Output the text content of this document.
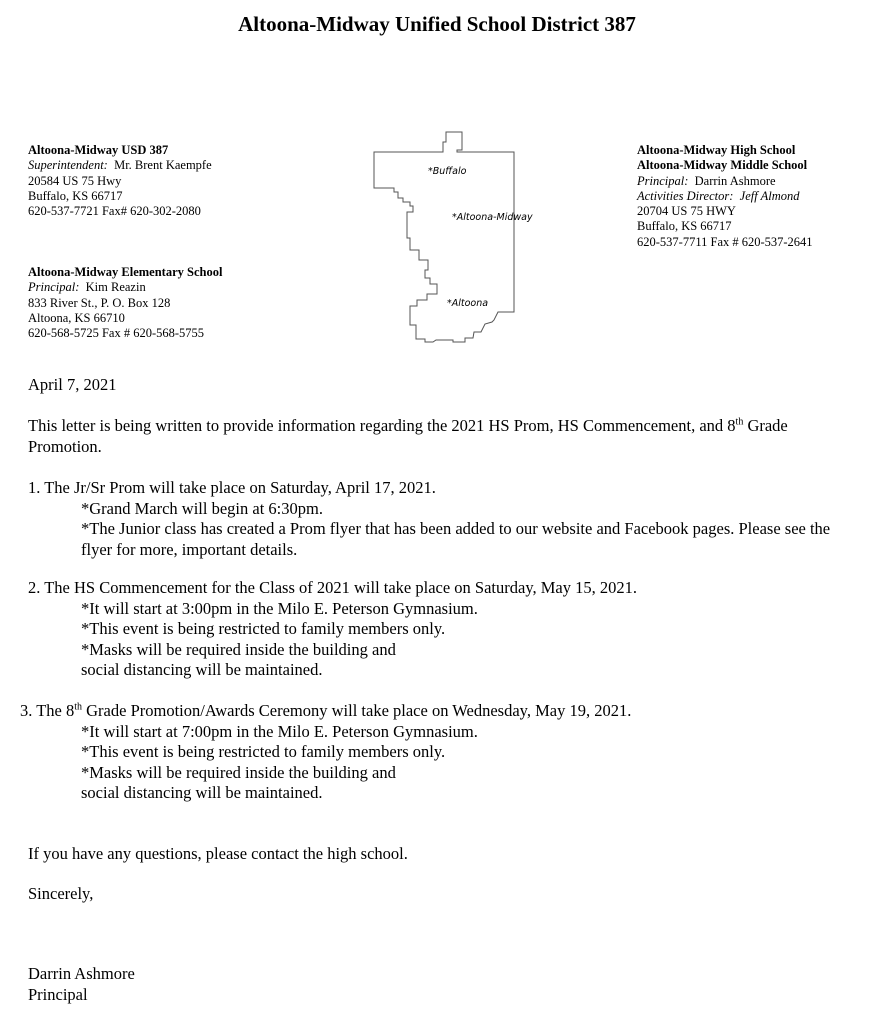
Altoona-Midway Unified School District 387
Altoona-Midway USD 387
Superintendent: Mr. Brent Kaempfe
20584 US 75 Hwy
Buffalo, KS 66717
620-537-7721 Fax# 620-302-2080
Altoona-Midway Elementary School
Principal: Kim Reazin
833 River St., P. O. Box 128
Altoona, KS 66710
620-568-5725 Fax # 620-568-5755
Altoona-Midway High School
Altoona-Midway Middle School
Principal: Darrin Ashmore
Activities Director: Jeff Almond
20704 US 75 HWY
Buffalo, KS 66717
620-537-7711 Fax # 620-537-2641
*Buffalo
*Altoona-Midway
*Altoona
April 7, 2021
This letter is being written to provide information regarding the 2021 HS Prom, HS Commencement, and 8th Grade Promotion.
1. The Jr/Sr Prom will take place on Saturday, April 17, 2021.
*Grand March will begin at 6:30pm.
*The Junior class has created a Prom flyer that has been added to our website and Facebook pages. Please see the flyer for more, important details.
2. The HS Commencement for the Class of 2021 will take place on Saturday, May 15, 2021.
*It will start at 3:00pm in the Milo E. Peterson Gymnasium.
*This event is being restricted to family members only.
*Masks will be required inside the building and
social distancing will be maintained.
3. The 8th Grade Promotion/Awards Ceremony will take place on Wednesday, May 19, 2021.
*It will start at 7:00pm in the Milo E. Peterson Gymnasium.
*This event is being restricted to family members only.
*Masks will be required inside the building and
social distancing will be maintained.
If you have any questions, please contact the high school.
Sincerely,
Darrin Ashmore
Principal
